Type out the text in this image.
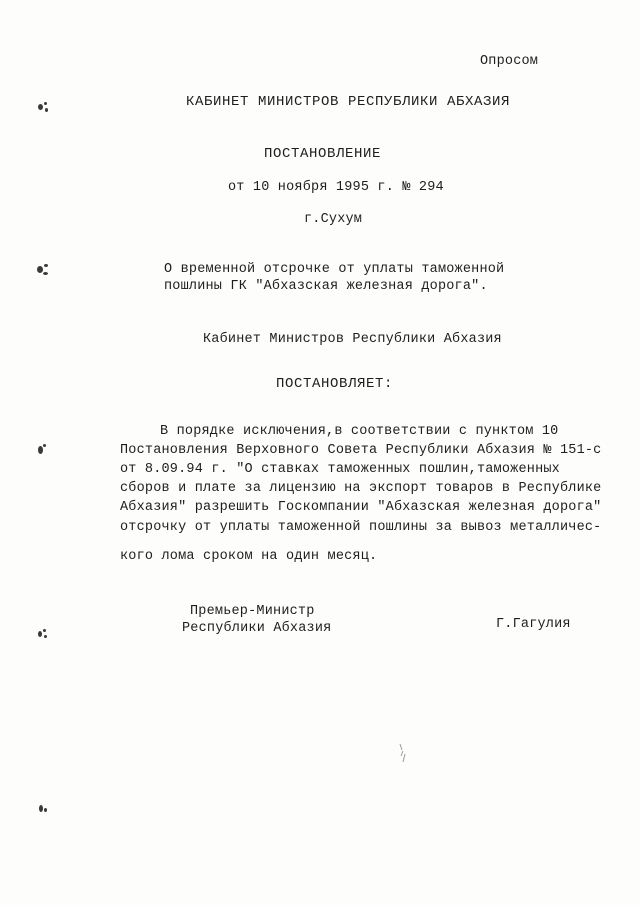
Опросом
КАБИНЕТ МИНИСТРОВ РЕСПУБЛИКИ АБХАЗИЯ
ПОСТАНОВЛЕНИЕ
от 10 ноября 1995 г. № 294
г.Сухум
О временной отсрочке от уплаты таможенной
пошлины ГК "Абхазская железная дорога".
Кабинет Министров Республики Абхазия
ПОСТАНОВЛЯЕТ:
В порядке исключения,в соответствии с пунктом 10
Постановления Верховного Совета Республики Абхазия № 151-с
от 8.09.94 г. "О ставках таможенных пошлин,таможенных
сборов и плате за лицензию на экспорт товаров в Республике
Абхазия" разрешить Госкомпании "Абхазская железная дорога"
отсрочку от уплаты таможенной пошлины за вывоз металличес-
кого лома сроком на один месяц.
Премьер-Министр
Республики Абхазия	Г.Гагулия
